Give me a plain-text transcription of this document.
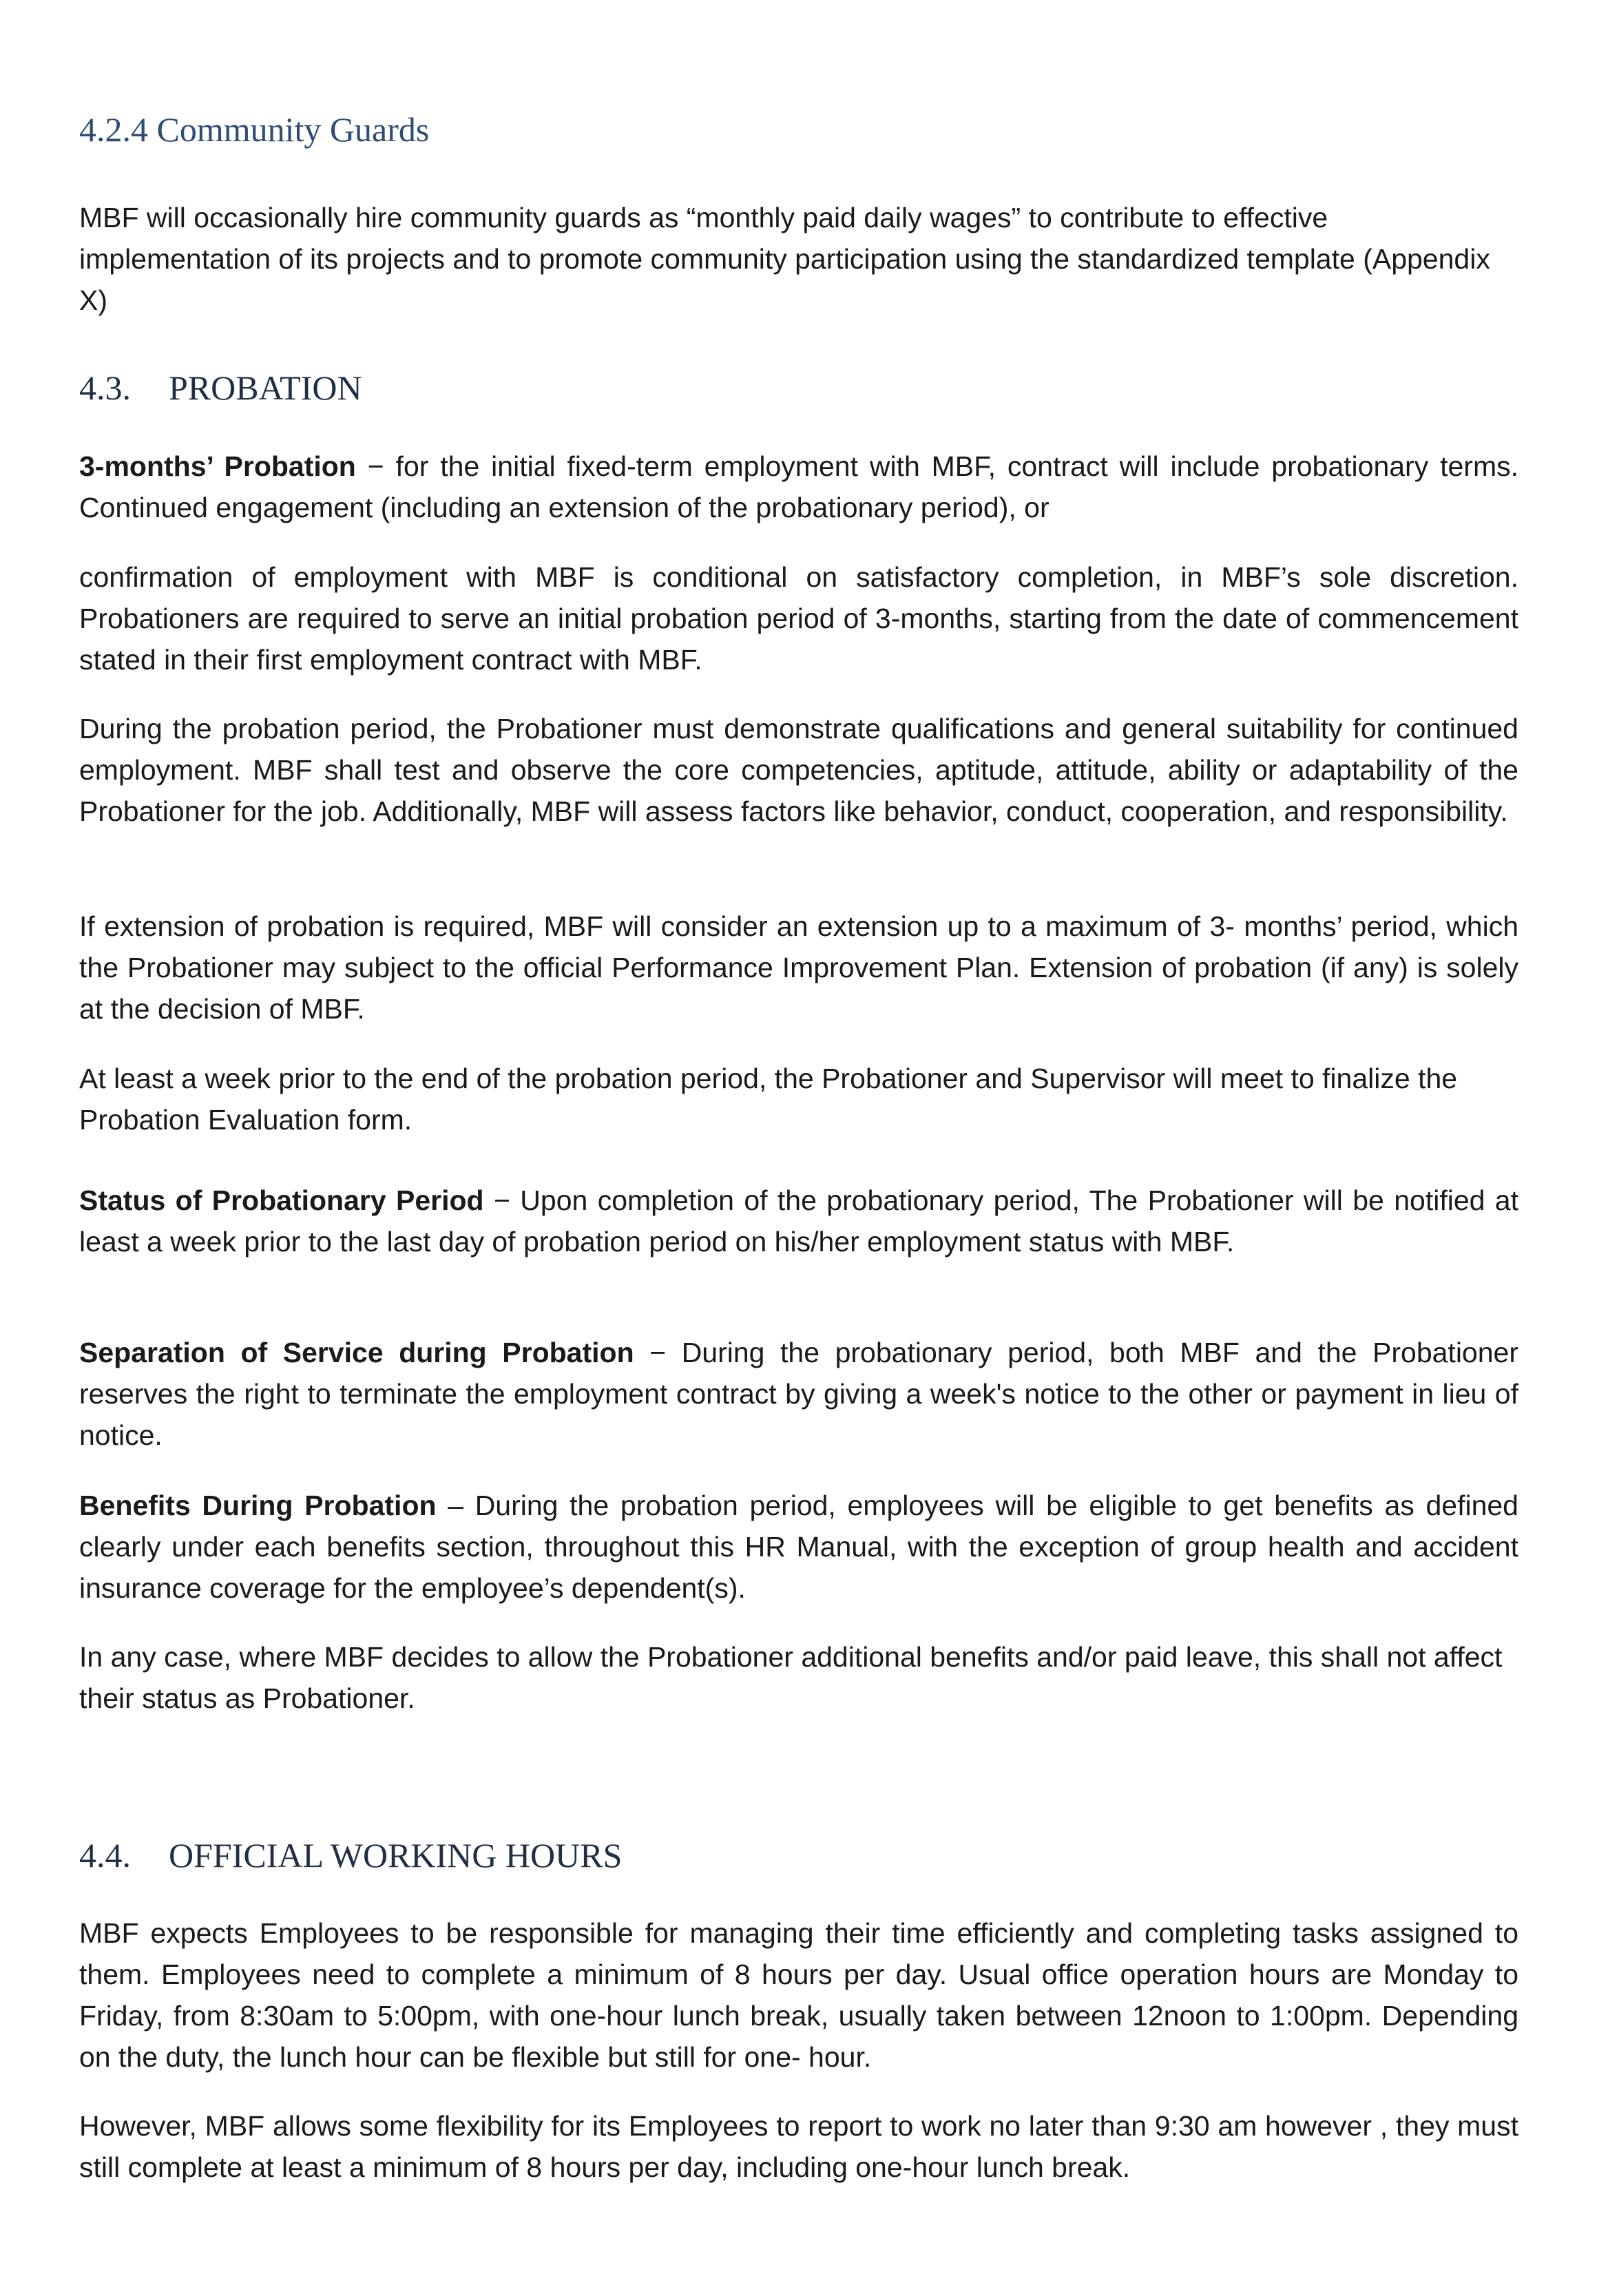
4.2.4 Community Guards

MBF will occasionally hire community guards as “monthly paid daily wages” to contribute to effective implementation of its projects and to promote community participation using the standardized template (Appendix X)

4.3. PROBATION

3-months’ Probation − for the initial fixed-term employment with MBF, contract will include probationary terms. Continued engagement (including an extension of the probationary period), or

confirmation of employment with MBF is conditional on satisfactory completion, in MBF’s sole discretion. Probationers are required to serve an initial probation period of 3-months, starting from the date of commencement stated in their first employment contract with MBF.

During the probation period, the Probationer must demonstrate qualifications and general suitability for continued employment. MBF shall test and observe the core competencies, aptitude, attitude, ability or adaptability of the Probationer for the job. Additionally, MBF will assess factors like behavior, conduct, cooperation, and responsibility.

If extension of probation is required, MBF will consider an extension up to a maximum of 3- months’ period, which the Probationer may subject to the official Performance Improvement Plan. Extension of probation (if any) is solely at the decision of MBF.

At least a week prior to the end of the probation period, the Probationer and Supervisor will meet to finalize the Probation Evaluation form.

Status of Probationary Period − Upon completion of the probationary period, The Probationer will be notified at least a week prior to the last day of probation period on his/her employment status with MBF.

Separation of Service during Probation − During the probationary period, both MBF and the Probationer reserves the right to terminate the employment contract by giving a week's notice to the other or payment in lieu of notice.

Benefits During Probation – During the probation period, employees will be eligible to get benefits as defined clearly under each benefits section, throughout this HR Manual, with the exception of group health and accident insurance coverage for the employee’s dependent(s).

In any case, where MBF decides to allow the Probationer additional benefits and/or paid leave, this shall not affect their status as Probationer.

4.4. OFFICIAL WORKING HOURS

MBF expects Employees to be responsible for managing their time efficiently and completing tasks assigned to them. Employees need to complete a minimum of 8 hours per day. Usual office operation hours are Monday to Friday, from 8:30am to 5:00pm, with one-hour lunch break, usually taken between 12noon to 1:00pm. Depending on the duty, the lunch hour can be flexible but still for one- hour.

However, MBF allows some flexibility for its Employees to report to work no later than 9:30 am however , they must still complete at least a minimum of 8 hours per day, including one-hour lunch break.
